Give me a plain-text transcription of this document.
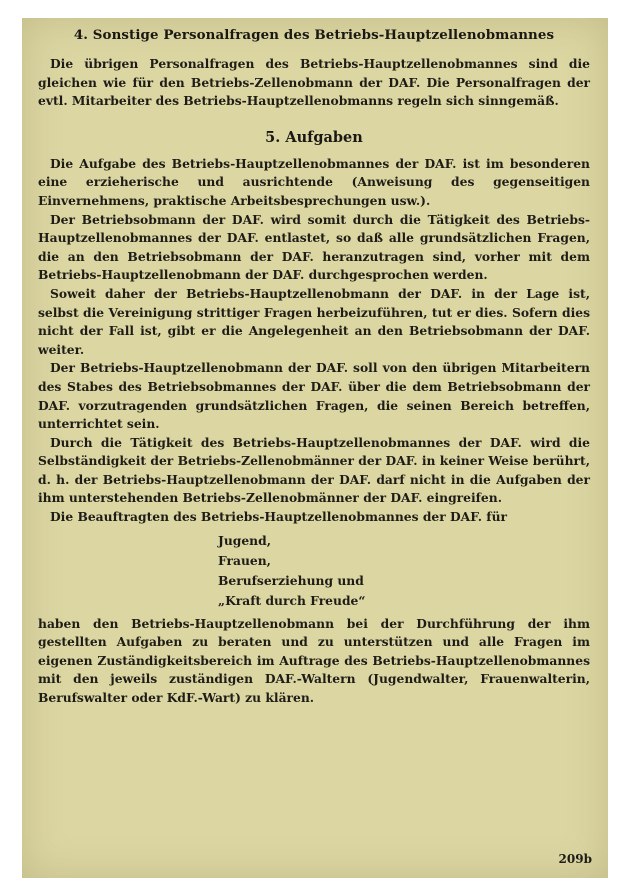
4. Sonstige Personalfragen des Betriebs-Hauptzellenobmannes

Die übrigen Personalfragen des Betriebs-Hauptzellenobmannes sind die gleichen wie für den Betriebs-Zellenobmann der DAF. Die Personalfragen der evtl. Mitarbeiter des Betriebs-Hauptzellenobmanns regeln sich sinngemäß.

5. Aufgaben

Die Aufgabe des Betriebs-Hauptzellenobmannes der DAF. ist im besonderen eine erzieherische und ausrichtende (Anweisung des gegenseitigen Einvernehmens, praktische Arbeitsbesprechungen usw.).

Der Betriebsobmann der DAF. wird somit durch die Tätigkeit des Betriebs-Hauptzellenobmannes der DAF. entlastet, so daß alle grundsätzlichen Fragen, die an den Betriebsobmann der DAF. heranzutragen sind, vorher mit dem Betriebs-Hauptzellenobmann der DAF. durchgesprochen werden.

Soweit daher der Betriebs-Hauptzellenobmann der DAF. in der Lage ist, selbst die Vereinigung strittiger Fragen herbeizuführen, tut er dies. Sofern dies nicht der Fall ist, gibt er die Angelegenheit an den Betriebsobmann der DAF. weiter.

Der Betriebs-Hauptzellenobmann der DAF. soll von den übrigen Mitarbeitern des Stabes des Betriebsobmannes der DAF. über die dem Betriebsobmann der DAF. vorzutragenden grundsätzlichen Fragen, die seinen Bereich betreffen, unterrichtet sein.

Durch die Tätigkeit des Betriebs-Hauptzellenobmannes der DAF. wird die Selbständigkeit der Betriebs-Zellenobmänner der DAF. in keiner Weise berührt, d. h. der Betriebs-Hauptzellenobmann der DAF. darf nicht in die Aufgaben der ihm unterstehenden Betriebs-Zellenobmänner der DAF. eingreifen.

Die Beauftragten des Betriebs-Hauptzellenobmannes der DAF. für

Jugend,
Frauen,
Berufserziehung und
„Kraft durch Freude“

haben den Betriebs-Hauptzellenobmann bei der Durchführung der ihm gestellten Aufgaben zu beraten und zu unterstützen und alle Fragen im eigenen Zuständigkeitsbereich im Auftrage des Betriebs-Hauptzellenobmannes mit den jeweils zuständigen DAF.-Waltern (Jugendwalter, Frauenwalterin, Berufswalter oder KdF.-Wart) zu klären.

209b
